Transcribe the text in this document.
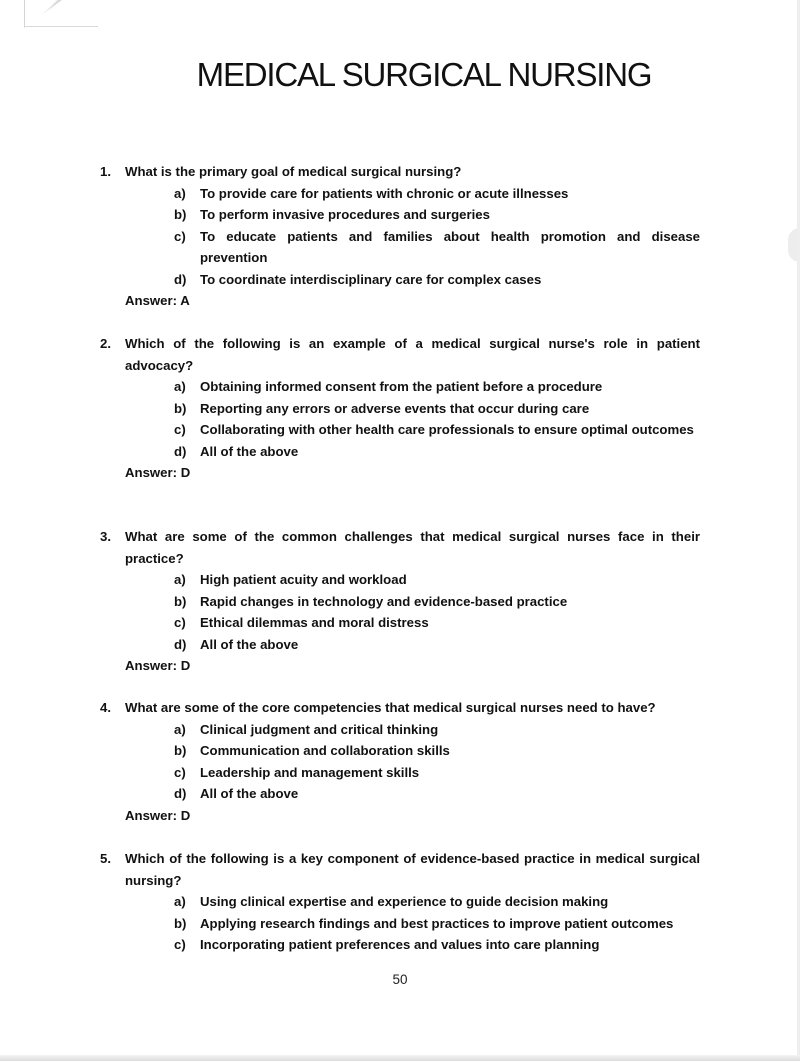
MEDICAL SURGICAL NURSING
1.	What is the primary goal of medical surgical nursing?
a)	To provide care for patients with chronic or acute illnesses
b)	To perform invasive procedures and surgeries
c)	To educate patients and families about health promotion and disease prevention
d)	To coordinate interdisciplinary care for complex cases
Answer: A
2.	Which of the following is an example of a medical surgical nurse's role in patient advocacy?
a)	Obtaining informed consent from the patient before a procedure
b)	Reporting any errors or adverse events that occur during care
c)	Collaborating with other health care professionals to ensure optimal outcomes
d)	All of the above
Answer: D
3.	What are some of the common challenges that medical surgical nurses face in their practice?
a)	High patient acuity and workload
b)	Rapid changes in technology and evidence-based practice
c)	Ethical dilemmas and moral distress
d)	All of the above
Answer: D
4.	What are some of the core competencies that medical surgical nurses need to have?
a)	Clinical judgment and critical thinking
b)	Communication and collaboration skills
c)	Leadership and management skills
d)	All of the above
Answer: D
5.	Which of the following is a key component of evidence-based practice in medical surgical nursing?
a)	Using clinical expertise and experience to guide decision making
b)	Applying research findings and best practices to improve patient outcomes
c)	Incorporating patient preferences and values into care planning
50
